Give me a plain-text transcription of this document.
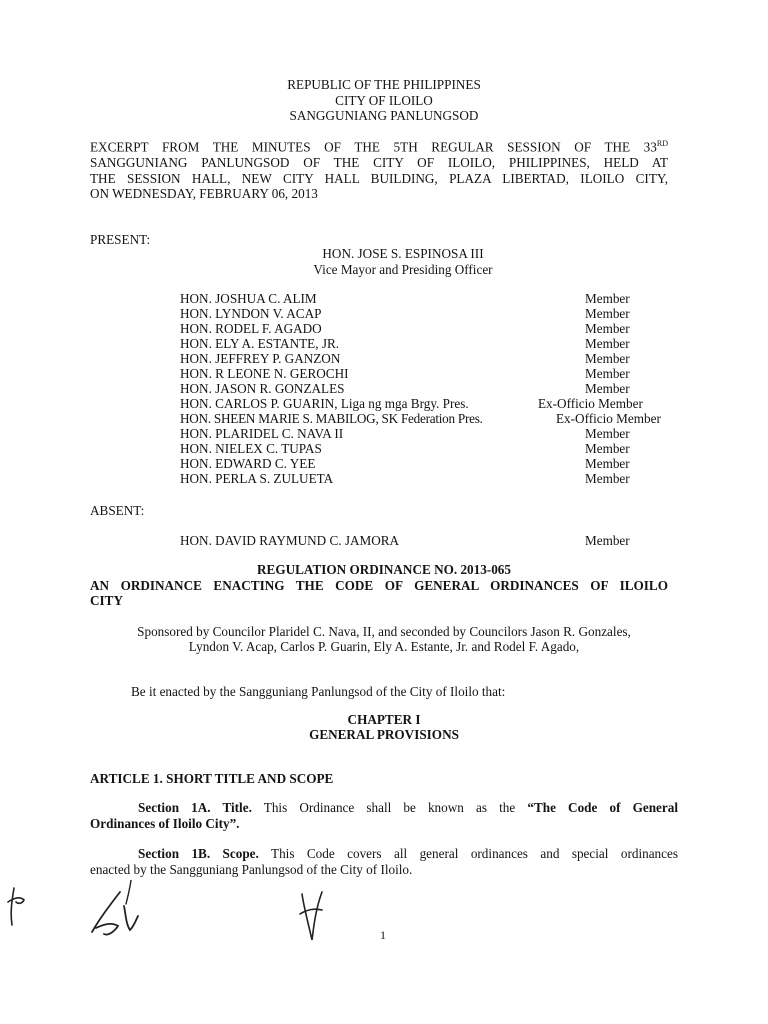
REPUBLIC OF THE PHILIPPINES
CITY OF ILOILO
SANGGUNIANG PANLUNGSOD
EXCERPT FROM THE MINUTES OF THE 5TH REGULAR SESSION OF THE 33RD
SANGGUNIANG PANLUNGSOD OF THE CITY OF ILOILO, PHILIPPINES, HELD AT
THE SESSION HALL, NEW CITY HALL BUILDING, PLAZA LIBERTAD, ILOILO CITY,
ON WEDNESDAY, FEBRUARY 06, 2013
PRESENT:
HON. JOSE S. ESPINOSA III
Vice Mayor and Presiding Officer
HON. JOSHUA C. ALIM	Member
HON. LYNDON V. ACAP	Member
HON. RODEL F. AGADO	Member
HON. ELY A. ESTANTE, JR.	Member
HON. JEFFREY P. GANZON	Member
HON. R LEONE N. GEROCHI	Member
HON. JASON R. GONZALES	Member
HON. CARLOS P. GUARIN, Liga ng mga Brgy. Pres.	Ex-Officio Member
HON. SHEEN MARIE S. MABILOG, SK Federation Pres.	Ex-Officio Member
HON. PLARIDEL C. NAVA II	Member
HON. NIELEX C. TUPAS	Member
HON. EDWARD C. YEE	Member
HON. PERLA S. ZULUETA	Member
ABSENT:
HON. DAVID RAYMUND C. JAMORA	Member
REGULATION ORDINANCE NO. 2013-065
AN ORDINANCE ENACTING THE CODE OF GENERAL ORDINANCES OF ILOILO
CITY
Sponsored by Councilor Plaridel C. Nava, II, and seconded by Councilors Jason R. Gonzales,
Lyndon V. Acap, Carlos P. Guarin, Ely A. Estante, Jr. and Rodel F. Agado,
Be it enacted by the Sangguniang Panlungsod of the City of Iloilo that:
CHAPTER I
GENERAL PROVISIONS
ARTICLE 1. SHORT TITLE AND SCOPE
Section 1A. Title. This Ordinance shall be known as the “The Code of General
Ordinances of Iloilo City”.
Section 1B. Scope. This Code covers all general ordinances and special ordinances
enacted by the Sangguniang Panlungsod of the City of Iloilo.
1
